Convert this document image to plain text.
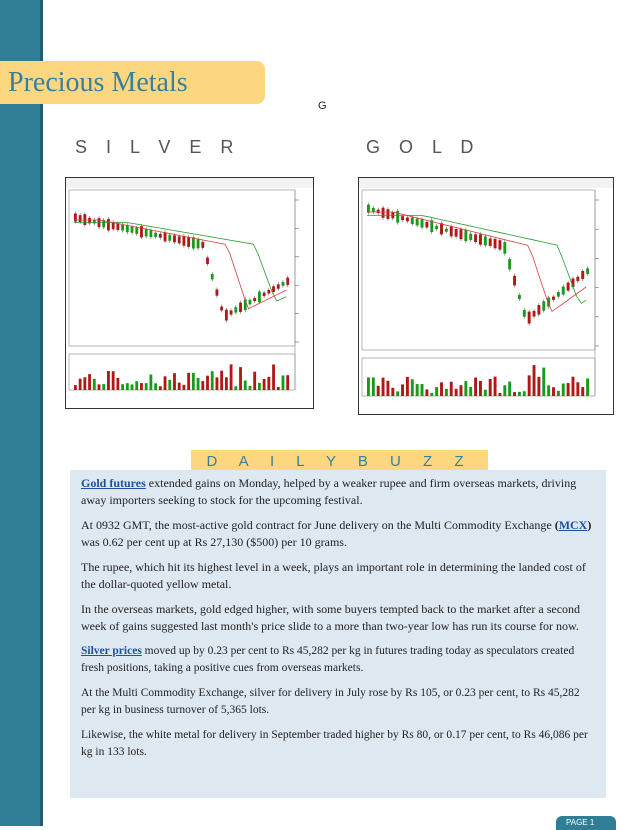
Precious Metals
G
S I L V E R	G O L D
D A I L Y B U Z Z

Gold futures extended gains on Monday, helped by a weaker rupee and firm overseas markets, driving away importers seeking to stock for the upcoming festival.

At 0932 GMT, the most-active gold contract for June delivery on the Multi Commodity Exchange (MCX) was 0.62 per cent up at Rs 27,130 ($500) per 10 grams.

The rupee, which hit its highest level in a week, plays an important role in determining the landed cost of the dollar-quoted yellow metal.

In the overseas markets, gold edged higher, with some buyers tempted back to the market after a second week of gains suggested last month's price slide to a more than two-year low has run its course for now.

Silver prices moved up by 0.23 per cent to Rs 45,282 per kg in futures trading today as speculators created fresh positions, taking a positive cues from overseas markets.

At the Multi Commodity Exchange, silver for delivery in July rose by Rs 105, or 0.23 per cent, to Rs 45,282 per kg in business turnover of 5,365 lots.

Likewise, the white metal for delivery in September traded higher by Rs 80, or 0.17 per cent, to Rs 46,086 per kg in 133 lots.

PAGE 1
